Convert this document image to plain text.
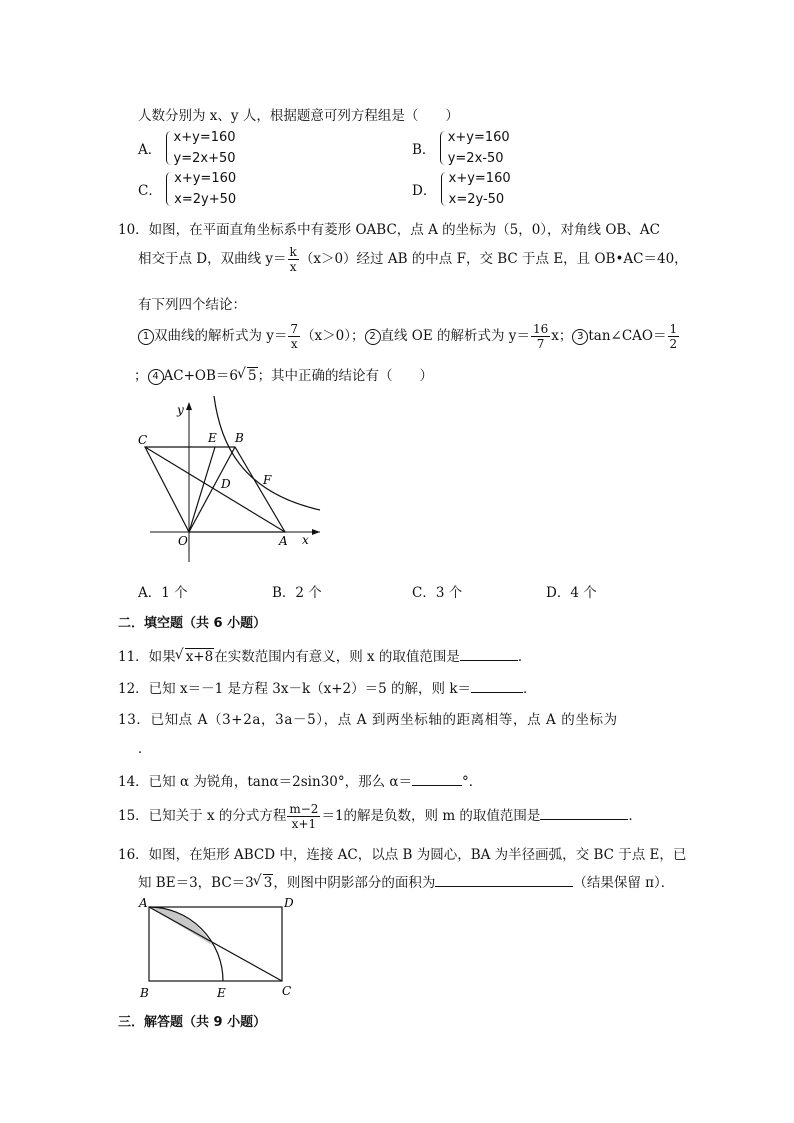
人数分别为 x、y 人，根据题意可列方程组是（　　）
A．
x+y=160
y=2x+50
B．
x+y=160
y=2x-50
C．
x+y=160
x=2y+50
D．
x+y=160
x=2y-50
10．如图，在平面直角坐标系中有菱形 OABC，点 A 的坐标为（5，0），对角线 OB、AC
相交于点 D，双曲线 $y= \frac{k}{x} (x>0)$经过 AB 的中点 F，交 BC 于点 E，且 OB•AC＝40，
有下列四个结论：
1 双曲线的解析式为 $y= \frac{7}{x} (x>0)$； 2 直线 OE 的解析式为 $y= \frac{16}{7}$ x； 3 tan∠CAO＝ $\frac{1}{2}$
； 4 AC+OB＝6 √ 5；其中正确的结论有（　　）
C	E B
D	F
O	A x
y
A．1 个	B．2 个	C．3 个	D．4 个
二．填空题（共 6 小题）
11．如果 √ x+8在实数范围内有意义，则 x 的取值范围是	．
12．已知 x＝－1 是方程 3x－k（x+2）＝5 的解，则 k＝	．
13．已知点 A（3+2a，3a－5），点 A 到两坐标轴的距离相等，点 A 的坐标为
．
14．已知 α 为锐角，tanα＝2sin30°，那么 α＝	°．
15．已知关于 x 的分式方程 $\frac{m-2}{x+1} =1$的解是负数，则 m 的取值范围是	．
16．如图，在矩形 ABCD 中，连接 AC，以点 B 为圆心，BA 为半径画弧，交 BC 于点 E，已
知 BE＝3，BC＝3 √ 3，则图中阴影部分的面积为	（结果保留 π）．
A	D
B	E	C
三．解答题（共 9 小题）
